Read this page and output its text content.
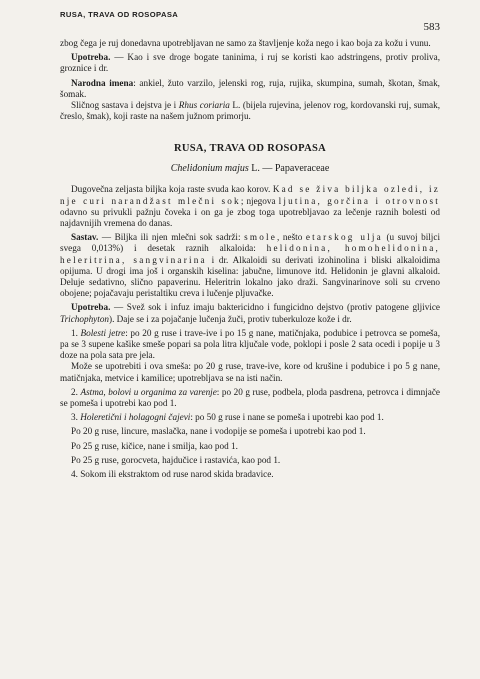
RUSA, TRAVA OD ROSOPASA
583

zbog čega je ruj donedavna upotrebljavan ne samo za štavljenje koža nego i kao boja za kožu i vunu.

Upotreba. — Kao i sve droge bogate taninima, i ruj se koristi kao adstringens, protiv proliva, groznice i dr.

Narodna imena: ankiel, žuto varzilo, jelenski rog, ruja, rujika, skumpina, sumah, škotan, šmak, šomak.

Sličnog sastava i dejstva je i Rhus coriaria L. (bijela rujevina, jelenov rog, kordovanski ruj, sumak, čreslo, šmak), koji raste na našem južnom primorju.

RUSA, TRAVA OD ROSOPASA
Chelidonium majus L. — Papaveraceae

Dugovečna zeljasta biljka koja raste svuda kao korov. Kad se živa biljka ozledi, iz nje curi narandžast mlečni sok; njegova ljutina, gorčina i otrovnost odavno su privukli pažnju čoveka i on ga je zbog toga upotrebljavao za lečenje raznih bolesti od najdavnijih vremena do danas.

Sastav. — Biljka ili njen mlečni sok sadrži: smole, nešto etarskog ulja (u suvoj biljci svega 0,013%) i desetak raznih alkaloida: helidonina, homohelidonina, heleritrina, sangvinarina i dr. Alkaloidi su derivati izohinolina i bliski alkaloidima opijuma. U drogi ima još i organskih kiselina: jabučne, limunove itd. Helidonin je glavni alkaloid. Deluje sedativno, slično papaverinu. Heleritrin lokalno jako draži. Sangvinarinove soli su crveno obojene; pojačavaju peristaltiku creva i lučenje pljuvačke.

Upotreba. — Svež sok i infuz imaju baktericidno i fungicidno dejstvo (protiv patogene gljivice Trichophyton). Daje se i za pojačanje lučenja žuči, protiv tuberkuloze kože i dr.

1. Bolesti jetre: po 20 g ruse i trave-ive i po 15 g nane, matičnjaka, podubice i petrovca se pomeša, pa se 3 supene kašike smeše popari sa pola litra ključale vode, poklopi i posle 2 sata ocedi i popije u 3 doze na pola sata pre jela.

Može se upotrebiti i ova smeša: po 20 g ruse, trave-ive, kore od krušine i podubice i po 5 g nane, matičnjaka, metvice i kamilice; upotrebljava se na isti način.

2. Astma, bolovi u organima za varenje: po 20 g ruse, podbela, ploda pasdrena, petrovca i dimnjače se pomeša i upotrebi kao pod 1.

3. Holeretični i holagogni čajevi: po 50 g ruse i nane se pomeša i upotrebi kao pod 1.

Po 20 g ruse, lincure, maslačka, nane i vodopije se pomeša i upotrebi kao pod 1.

Po 25 g ruse, kičice, nane i smilja, kao pod 1.

Po 25 g ruse, gorocveta, hajdučice i rastavića, kao pod 1.

4. Sokom ili ekstraktom od ruse narod skida bradavice.
